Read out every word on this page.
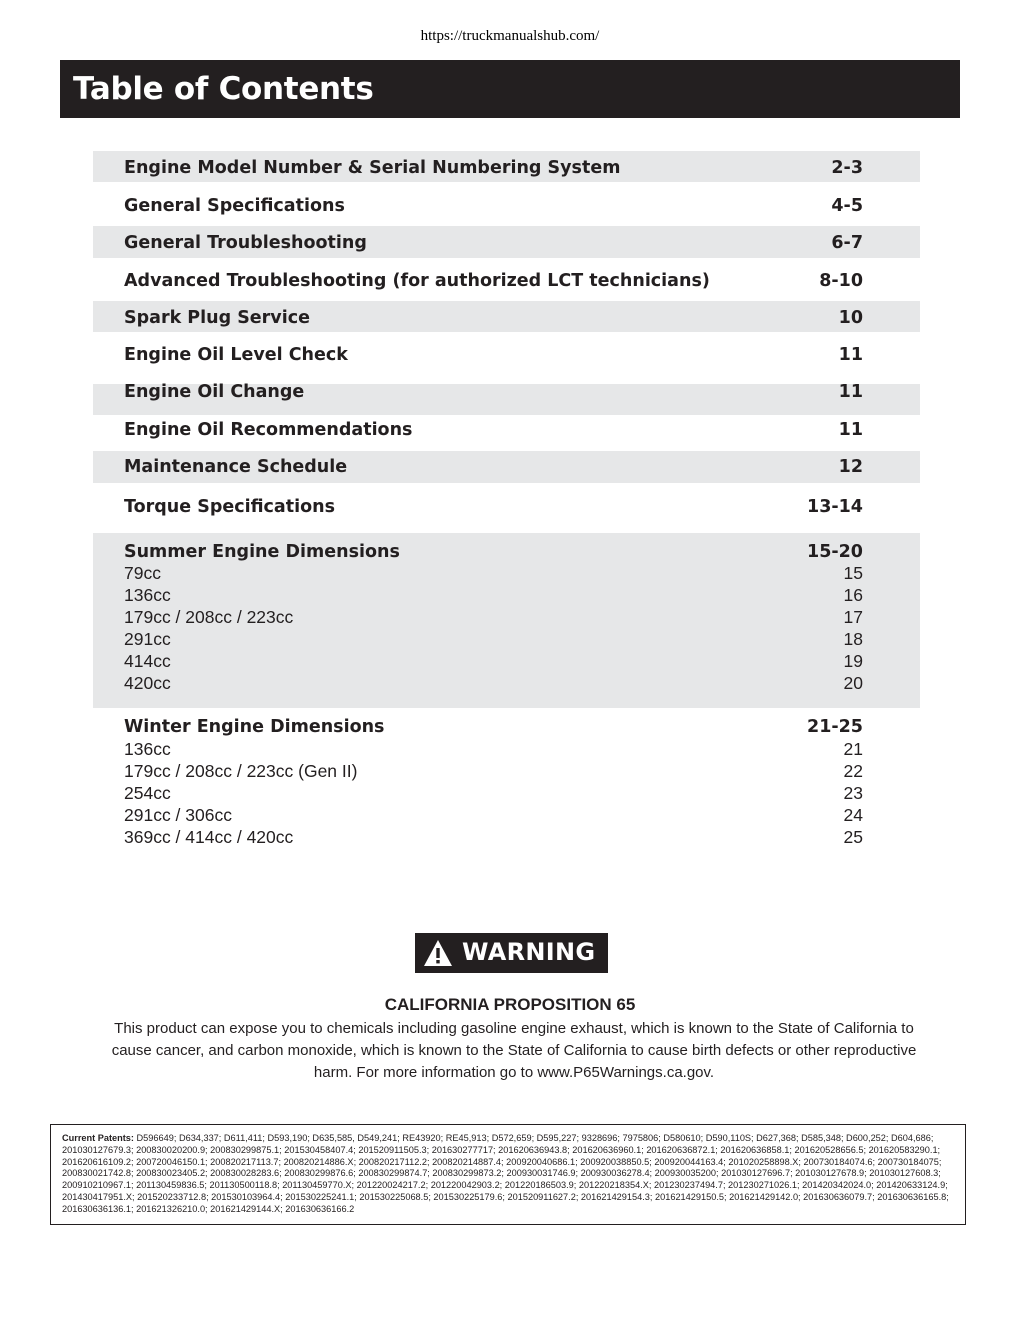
https://truckmanualshub.com/
Table of Contents
Engine Model Number & Serial Numbering System	2-3
General Specifications	4-5
General Troubleshooting	6-7
Advanced Troubleshooting (for authorized LCT technicians)	8-10
Spark Plug Service	10
Engine Oil Level Check	11
Engine Oil Change	11
Engine Oil Recommendations	11
Maintenance Schedule	12
Torque Specifications	13-14
Summer Engine Dimensions	15-20
79cc	15
136cc	16
179cc / 208cc / 223cc	17
291cc	18
414cc	19
420cc	20
Winter Engine Dimensions	21-25
136cc	21
179cc / 208cc / 223cc (Gen II)	22
254cc	23
291cc / 306cc	24
369cc / 414cc / 420cc	25
WARNING
CALIFORNIA PROPOSITION 65
This product can expose you to chemicals including gasoline engine exhaust, which is known to the State of California to cause cancer, and carbon monoxide, which is known to the State of California to cause birth defects or other reproductive harm. For more information go to www.P65Warnings.ca.gov.
Current Patents: D596649; D634,337; D611,411; D593,190; D635,585, D549,241; RE43920; RE45,913; D572,659; D595,227; 9328696; 7975806; D580610; D590,110S; D627,368; D585,348; D600,252; D604,686; 201030127679.3; 200830020200.9; 200830299875.1; 201530458407.4; 201520911505.3; 201630277717; 201620636943.8; 201620636960.1; 201620636872.1; 201620636858.1; 201620528656.5; 201620583290.1; 201620616109.2; 200720046150.1; 200820217113.7; 200820214886.X; 200820217112.2; 200820214887.4; 200920040686.1; 200920038850.5; 200920044163.4; 201020258898.X; 200730184074.6; 200730184075; 200830021742.8; 200830023405.2; 200830028283.6; 200830299876.6; 200830299874.7; 200830299873.2; 200930031746.9; 200930036278.4; 200930035200; 201030127696.7; 201030127678.9; 201030127608.3; 200910210967.1; 201130459836.5; 201130500118.8; 201130459770.X; 201220024217.2; 201220042903.2; 201220186503.9; 201220218354.X; 201230237494.7; 201230271026.1; 201420342024.0; 201420633124.9; 201430417951.X; 201520233712.8; 201530103964.4; 201530225241.1; 201530225068.5; 201530225179.6; 201520911627.2; 201621429154.3; 201621429150.5; 201621429142.0; 201630636079.7; 201630636165.8; 201630636136.1; 201621326210.0; 201621429144.X; 201630636166.2
